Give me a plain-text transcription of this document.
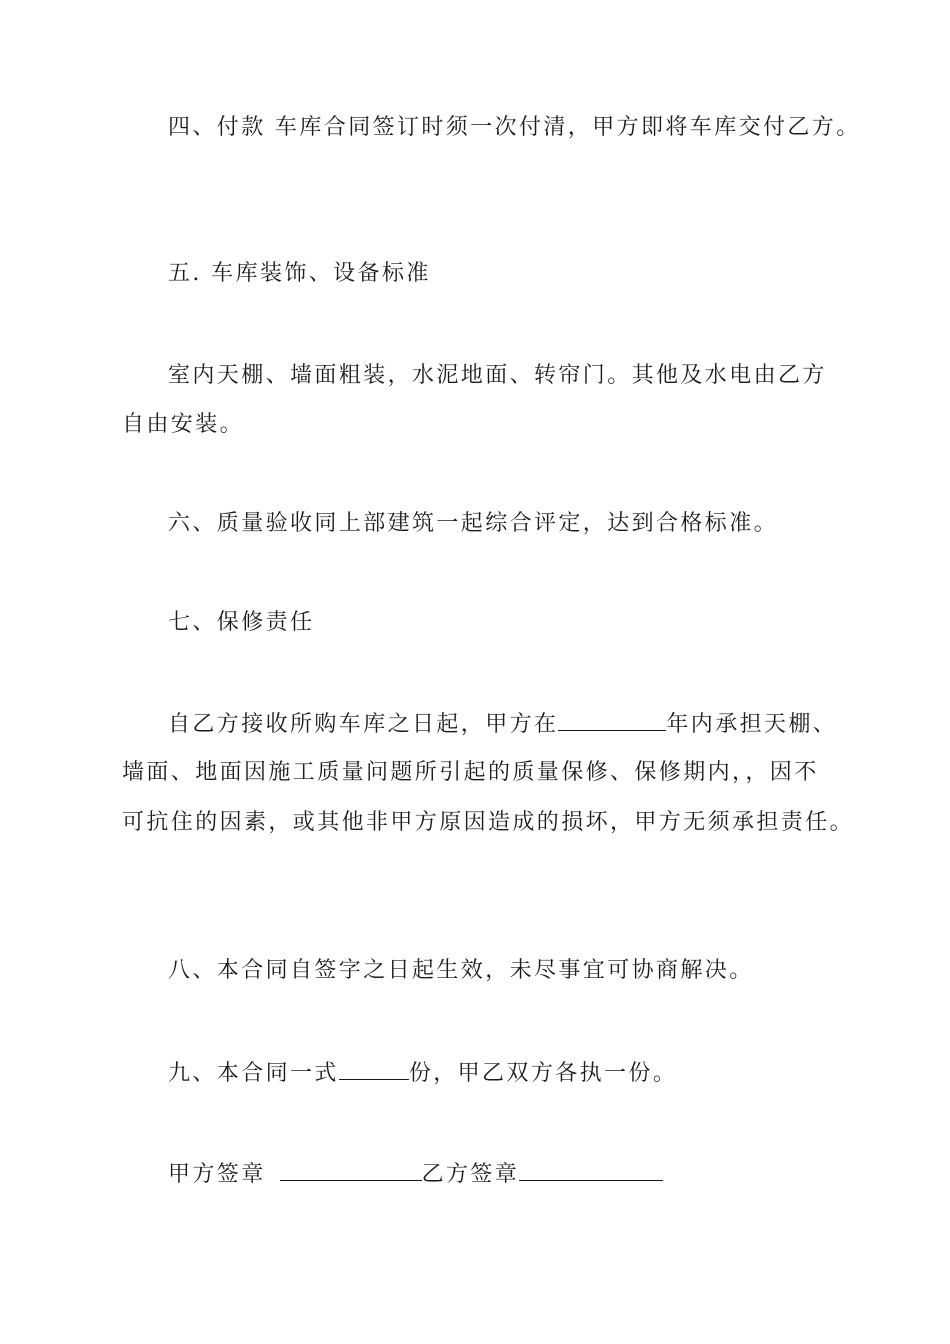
四、付款 车库合同签订时须一次付清，甲方即将车库交付乙方。
五. 车库装饰、设备标准
室内天棚、墙面粗装，水泥地面、转帘门。其他及水电由乙方
自由安装。
六、质量验收同上部建筑一起综合评定，达到合格标准。
七、保修责任
自乙方接收所购车库之日起，甲方在	年内承担天棚、
墙面、地面因施工质量问题所引起的质量保修、保修期内，，因不
可抗住的因素，或其他非甲方原因造成的损坏，甲方无须承担责任。
八、本合同自签字之日起生效，未尽事宜可协商解决。
九、本合同一式	份，甲乙双方各执一份。
甲方签章	乙方签章
